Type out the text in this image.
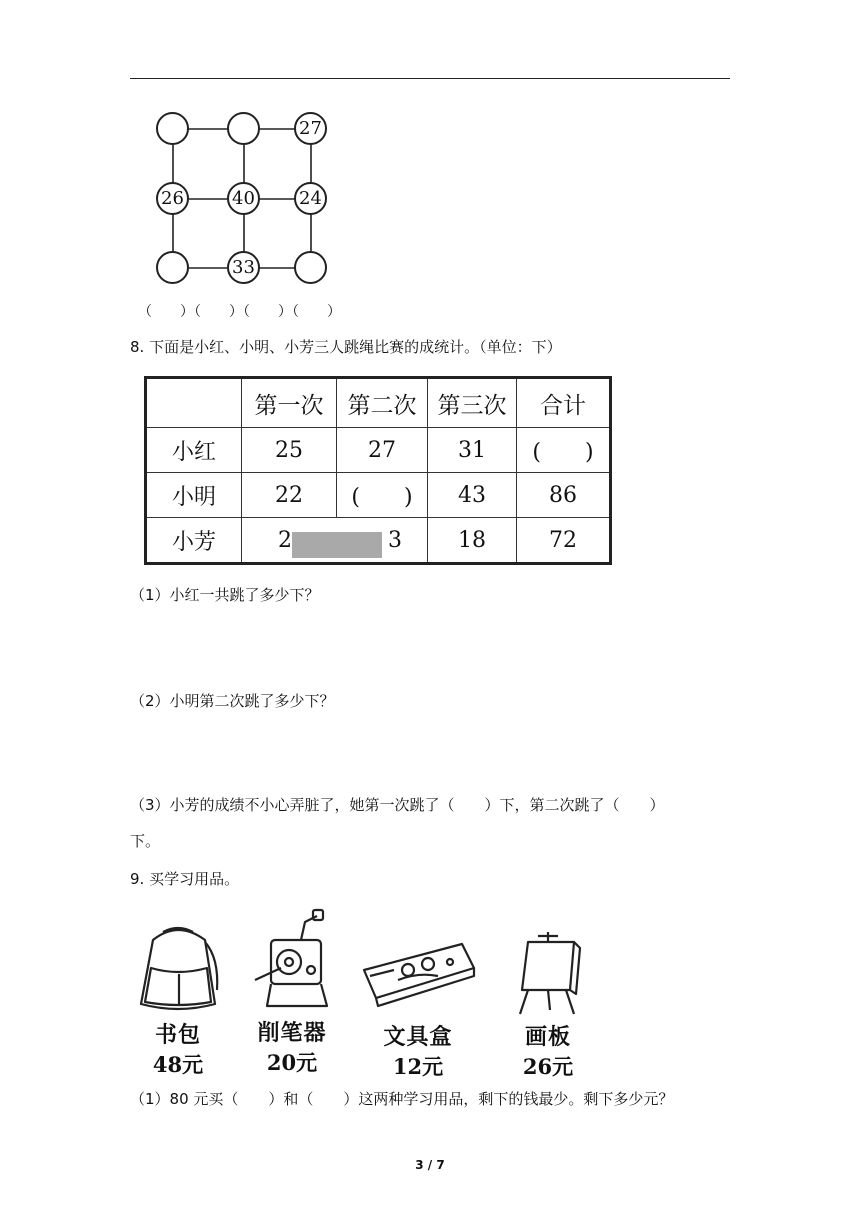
27
26	40 24
33
（　　）（　　）（　　）（　　）
8. 下面是小红、小明、小芳三人跳绳比赛的成统计。（单位：下）
	第一次	第二次	第三次	合计
小红	25	27	31	(　　)
小明	22	(　　)	43	86
小芳	2 3		18	72
（1）小红一共跳了多少下？
（2）小明第二次跳了多少下？
（3）小芳的成绩不小心弄脏了，她第一次跳了（　　）下，第二次跳了（　　）
下。
9. 买学习用品。
书包
48元
削笔器
20元
文具盒
12元
画板
26元
（1）80 元买（　　）和（　　）这两种学习用品，剩下的钱最少。剩下多少元？
3 / 7
